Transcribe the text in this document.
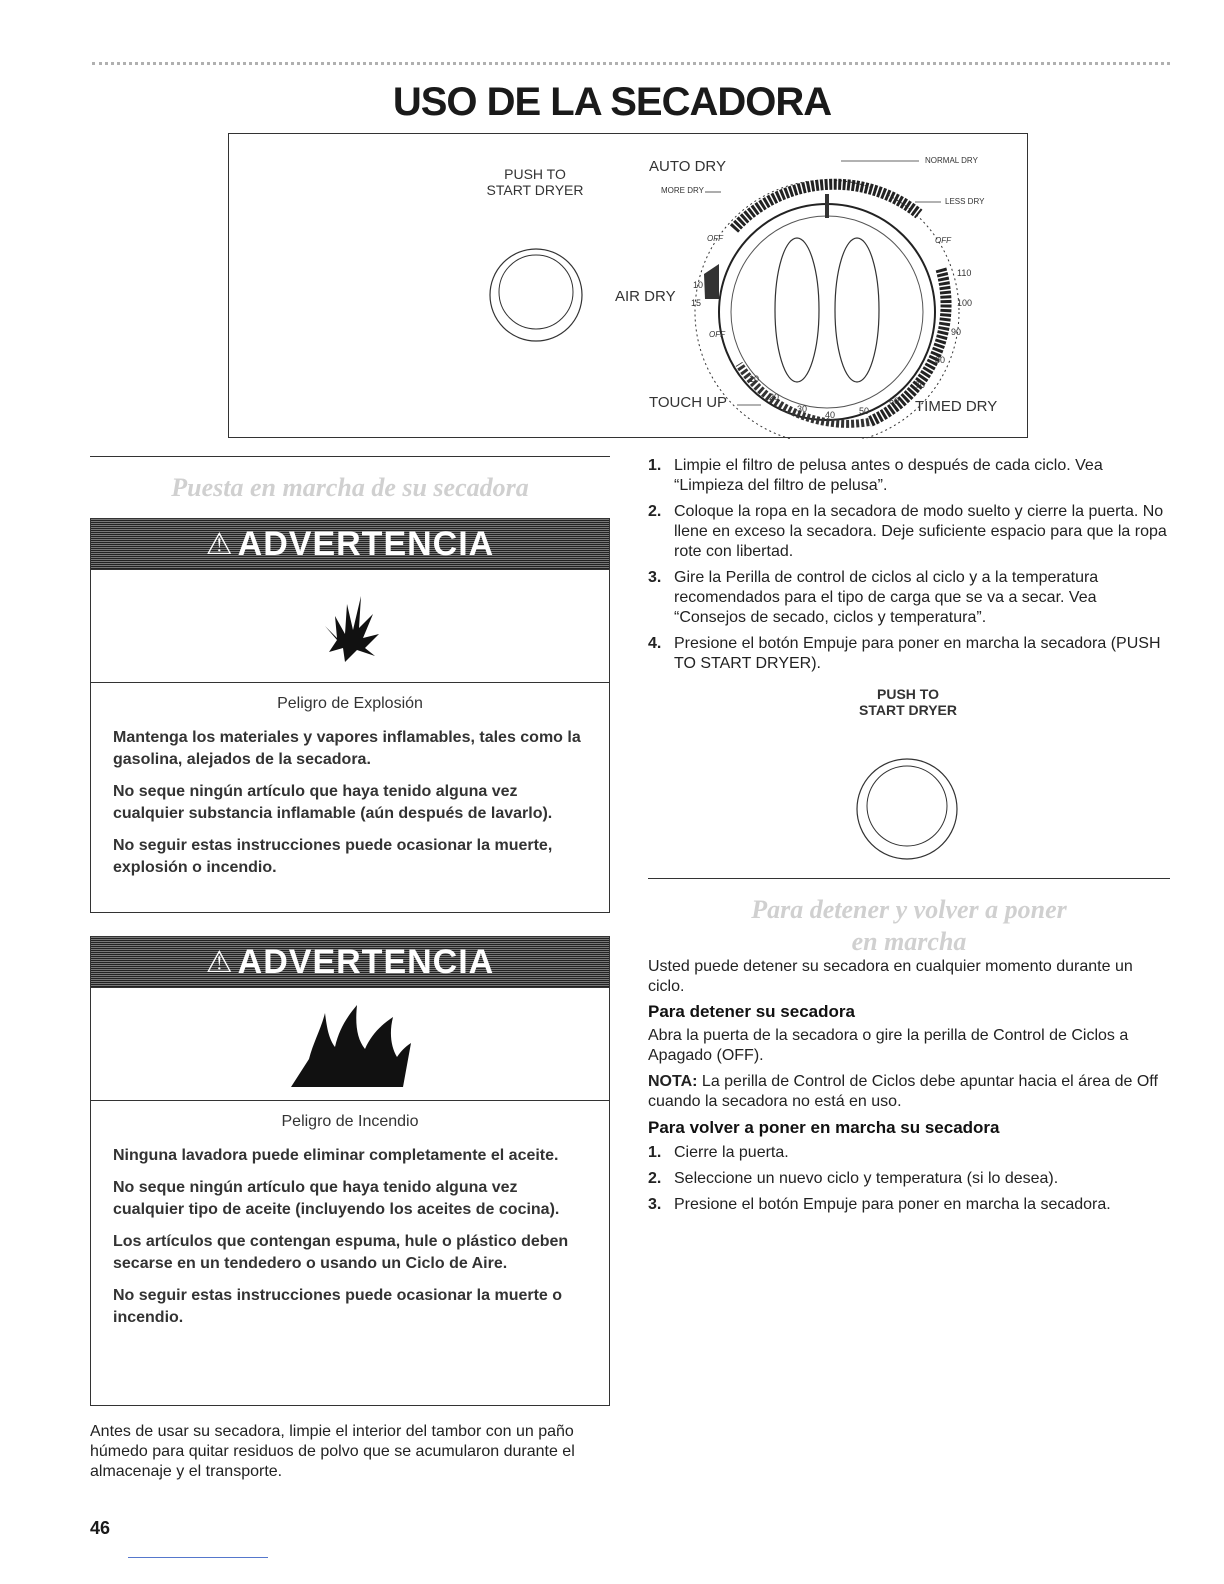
USO DE LA SECADORA
PUSH TO
START DRYER
AUTO DRY
MORE DRY
NORMAL DRY
LESS DRY
OFF	OFF
OFF
AIR DRY
10
15
TOUCH UP
10
20
TIMED DRY
110
100
90
80
70
60
50
40
30
Puesta en marcha de su secadora
⚠ ADVERTENCIA
Peligro de Explosión

Mantenga los materiales y vapores inflamables, tales como la gasolina, alejados de la secadora.

No seque ningún artículo que haya tenido alguna vez cualquier substancia inflamable (aún después de lavarlo).

No seguir estas instrucciones puede ocasionar la muerte, explosión o incendio.

⚠ ADVERTENCIA
Peligro de Incendio

Ninguna lavadora puede eliminar completamente el aceite.

No seque ningún artículo que haya tenido alguna vez cualquier tipo de aceite (incluyendo los aceites de cocina).

Los artículos que contengan espuma, hule o plástico deben secarse en un tendedero o usando un Ciclo de Aire.

No seguir estas instrucciones puede ocasionar la muerte o incendio.

Antes de usar su secadora, limpie el interior del tambor con un paño húmedo para quitar residuos de polvo que se acumularon durante el almacenaje y el transporte.

1. Limpie el filtro de pelusa antes o después de cada ciclo. Vea “Limpieza del filtro de pelusa”.
2. Coloque la ropa en la secadora de modo suelto y cierre la puerta. No llene en exceso la secadora. Deje suficiente espacio para que la ropa rote con libertad.
3. Gire la Perilla de control de ciclos al ciclo y a la temperatura recomendados para el tipo de carga que se va a secar. Vea “Consejos de secado, ciclos y temperatura”.
4. Presione el botón Empuje para poner en marcha la secadora (PUSH TO START DRYER).
PUSH TO
START DRYER
Para detener y volver a poner
en marcha

Usted puede detener su secadora en cualquier momento durante un ciclo.

Para detener su secadora

Abra la puerta de la secadora o gire la perilla de Control de Ciclos a Apagado (OFF).

NOTA: La perilla de Control de Ciclos debe apuntar hacia el área de Off cuando la secadora no está en uso.

Para volver a poner en marcha su secadora
1. Cierre la puerta.
2. Seleccione un nuevo ciclo y temperatura (si lo desea).
3. Presione el botón Empuje para poner en marcha la secadora.
46
